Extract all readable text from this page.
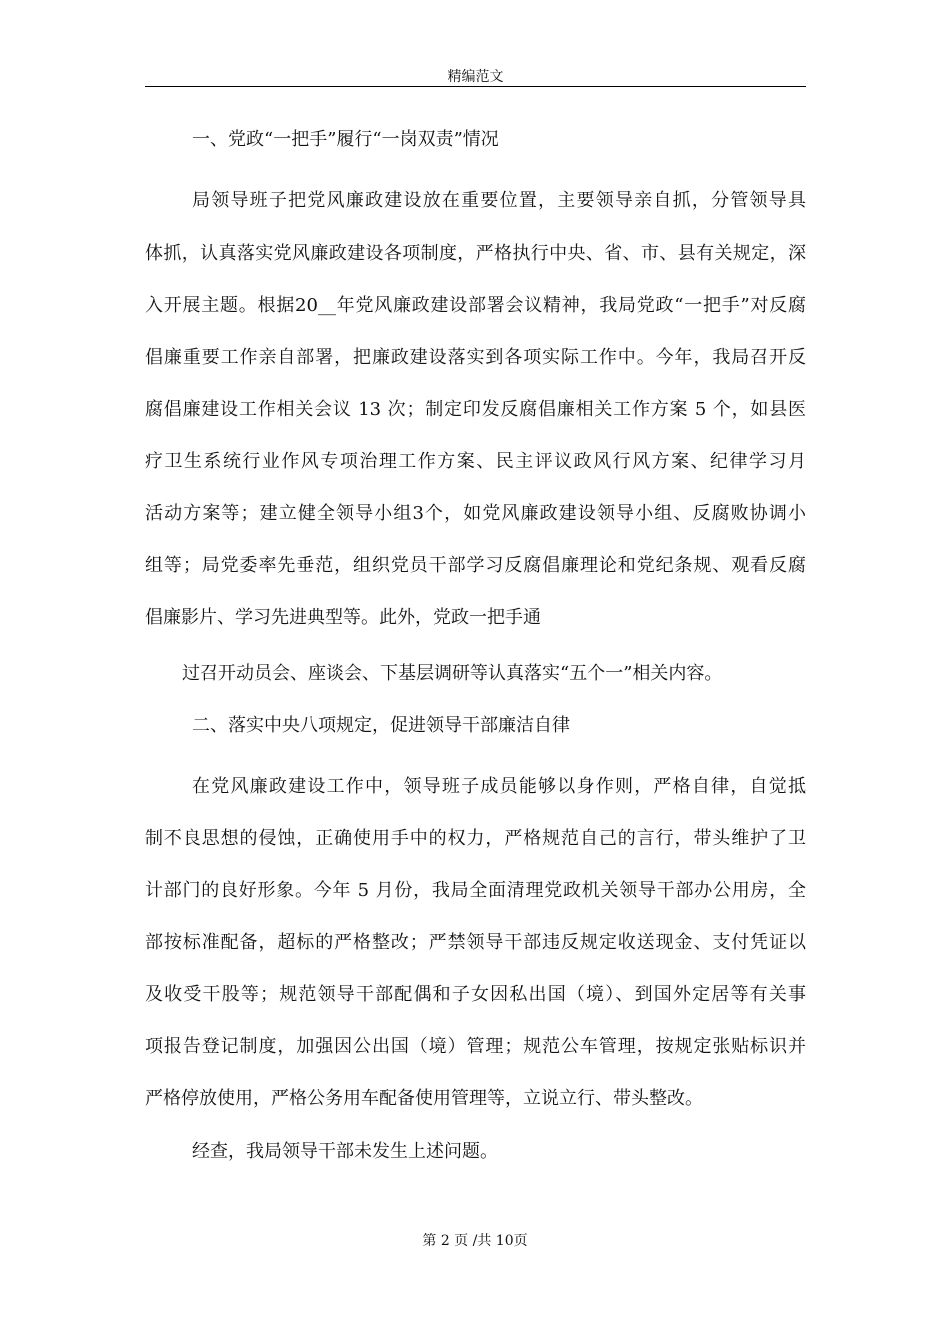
精编范文
一、党政“一把手”履行“一岗双责”情况
局领导班子把党风廉政建设放在重要位置，主要领导亲自抓，分管领导具
体抓，认真落实党风廉政建设各项制度，严格执行中央、省、市、县有关规定，深
入开展主题。根据20__年党风廉政建设部署会议精神，我局党政“一把手”对反腐
倡廉重要工作亲自部署，把廉政建设落实到各项实际工作中。今年，我局召开反
腐倡廉建设工作相关会议 13 次；制定印发反腐倡廉相关工作方案 5 个，如县医
疗卫生系统行业作风专项治理工作方案、民主评议政风行风方案、纪律学习月
活动方案等；建立健全领导小组3个，如党风廉政建设领导小组、反腐败协调小
组等；局党委率先垂范，组织党员干部学习反腐倡廉理论和党纪条规、观看反腐
倡廉影片、学习先进典型等。此外，党政一把手通
过召开动员会、座谈会、下基层调研等认真落实“五个一”相关内容。
二、落实中央八项规定，促进领导干部廉洁自律
在党风廉政建设工作中，领导班子成员能够以身作则，严格自律，自觉抵
制不良思想的侵蚀，正确使用手中的权力，严格规范自己的言行，带头维护了卫
计部门的良好形象。今年 5 月份，我局全面清理党政机关领导干部办公用房，全
部按标准配备，超标的严格整改；严禁领导干部违反规定收送现金、支付凭证以
及收受干股等；规范领导干部配偶和子女因私出国（境）、到国外定居等有关事
项报告登记制度，加强因公出国（境）管理；规范公车管理，按规定张贴标识并
严格停放使用，严格公务用车配备使用管理等，立说立行、带头整改。
经查，我局领导干部未发生上述问题。
第 2 页 /共 10页
